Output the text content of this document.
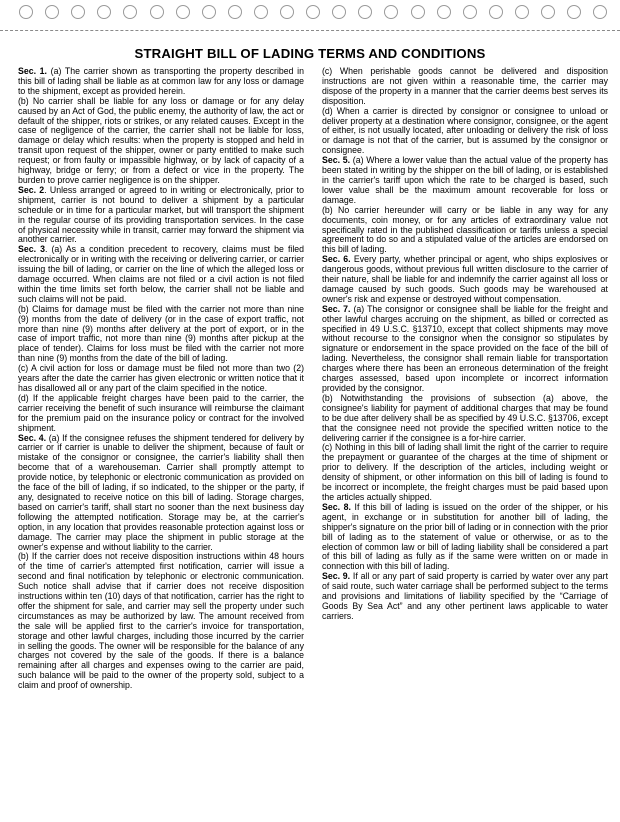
STRAIGHT BILL OF LADING TERMS AND CONDITIONS

Sec. 1. (a) The carrier shown as transporting the property described in this bill of lading shall be liable as at common law for any loss or damage to the shipment, except as provided herein.

(b) No carrier shall be liable for any loss or damage or for any delay caused by an Act of God, the public enemy, the authority of law, the act or default of the shipper, riots or strikes, or any related causes. Except in the case of negligence of the carrier, the carrier shall not be liable for loss, damage or delay which results: when the property is stopped and held in transit upon request of the shipper, owner or party entitled to make such request; or from faulty or impassible highway, or by lack of capacity of a highway, bridge or ferry; or from a defect or vice in the property. The burden to prove carrier negligence is on the shipper.

Sec. 2. Unless arranged or agreed to in writing or electronically, prior to shipment, carrier is not bound to deliver a shipment by a particular schedule or in time for a particular market, but will transport the shipment in the regular course of its providing transportation services. In the case of physical necessity while in transit, carrier may forward the shipment via another carrier.

Sec. 3. (a) As a condition precedent to recovery, claims must be filed electronically or in writing with the receiving or delivering carrier, or carrier issuing the bill of lading, or carrier on the line of which the alleged loss or damage occurred. When claims are not filed or a civil action is not filed within the time limits set forth below, the carrier shall not be liable and such claims will not be paid.

(b) Claims for damage must be filed with the carrier not more than nine (9) months from the date of delivery (or in the case of export traffic, not more than nine (9) months after delivery at the port of export, or in the case of import traffic, not more than nine (9) months after pickup at the place of tender). Claims for loss must be filed with the carrier not more than nine (9) months from the date of the bill of lading.

(c) A civil action for loss or damage must be filed not more than two (2) years after the date the carrier has given electronic or written notice that it has disallowed all or any part of the claim specified in the notice.

(d) If the applicable freight charges have been paid to the carrier, the carrier receiving the benefit of such insurance will reimburse the claimant for the premium paid on the insurance policy or contract for the involved shipment.

Sec. 4. (a) If the consignee refuses the shipment tendered for delivery by carrier or if carrier is unable to deliver the shipment, because of fault or mistake of the consignor or consignee, the carrier's liability shall then become that of a warehouseman. Carrier shall promptly attempt to provide notice, by telephonic or electronic communication as provided on the face of the bill of lading, if so indicated, to the shipper or the party, if any, designated to receive notice on this bill of lading. Storage charges, based on carrier's tariff, shall start no sooner than the next business day following the attempted notification. Storage may be, at the carrier's option, in any location that provides reasonable protection against loss or damage. The carrier may place the shipment in public storage at the owner's expense and without liability to the carrier.

(b) If the carrier does not receive disposition instructions within 48 hours of the time of carrier's attempted first notification, carrier will issue a second and final notification by telephonic or electronic communication. Such notice shall advise that if carrier does not receive disposition instructions within ten (10) days of that notification, carrier has the right to offer the shipment for sale, and carrier may sell the property under such circumstances as may be authorized by law. The amount received from the sale will be applied first to the carrier's invoice for transportation, storage and other lawful charges, including those incurred by the carrier in selling the goods. The owner will be responsible for the balance of any charges not covered by the sale of the goods. If there is a balance remaining after all charges and expenses owing to the carrier are paid, such balance will be paid to the owner of the property sold, subject to a claim and proof of ownership.

(c) When perishable goods cannot be delivered and disposition instructions are not given within a reasonable time, the carrier may dispose of the property in a manner that the carrier deems best serves its disposition.

(d) When a carrier is directed by consignor or consignee to unload or deliver property at a destination where consignor, consignee, or the agent of either, is not usually located, after unloading or delivery the risk of loss or damage is not that of the carrier, but is assumed by the consignor or consignee.

Sec. 5. (a) Where a lower value than the actual value of the property has been stated in writing by the shipper on the bill of lading, or is established in the carrier's tariff upon which the rate to be charged is based, such lower value shall be the maximum amount recoverable for loss or damage.

(b) No carrier hereunder will carry or be liable in any way for any documents, coin money, or for any articles of extraordinary value not specifically rated in the published classification or tariffs unless a special agreement to do so and a stipulated value of the articles are endorsed on this bill of lading.

Sec. 6. Every party, whether principal or agent, who ships explosives or dangerous goods, without previous full written disclosure to the carrier of their nature, shall be liable for and indemnify the carrier against all loss or damage caused by such goods. Such goods may be warehoused at owner's risk and expense or destroyed without compensation.

Sec. 7. (a) The consignor or consignee shall be liable for the freight and other lawful charges accruing on the shipment, as billed or corrected as specified in 49 U.S.C. §13710, except that collect shipments may move without recourse to the consignor when the consignor so stipulates by signature or endorsement in the space provided on the face of the bill of lading. Nevertheless, the consignor shall remain liable for transportation charges where there has been an erroneous determination of the freight charges assessed, based upon incomplete or incorrect information provided by the consignor.

(b) Notwithstanding the provisions of subsection (a) above, the consignee's liability for payment of additional charges that may be found to be due after delivery shall be as specified by 49 U.S.C. §13706, except that the consignee need not provide the specified written notice to the delivering carrier if the consignee is a for-hire carrier.

(c) Nothing in this bill of lading shall limit the right of the carrier to require the prepayment or guarantee of the charges at the time of shipment or prior to delivery. If the description of the articles, including weight or density of shipment, or other information on this bill of lading is found to be incorrect or incomplete, the freight charges must be paid based upon the articles actually shipped.

Sec. 8. If this bill of lading is issued on the order of the shipper, or his agent, in exchange or in substitution for another bill of lading, the shipper's signature on the prior bill of lading or in connection with the prior bill of lading as to the statement of value or otherwise, or as to the election of common law or bill of lading liability shall be considered a part of this bill of lading as fully as if the same were written on or made in connection with this bill of lading.

Sec. 9. If all or any part of said property is carried by water over any part of said route, such water carriage shall be performed subject to the terms and provisions and limitations of liability specified by the “Carriage of Goods By Sea Act” and any other pertinent laws applicable to water carriers.
